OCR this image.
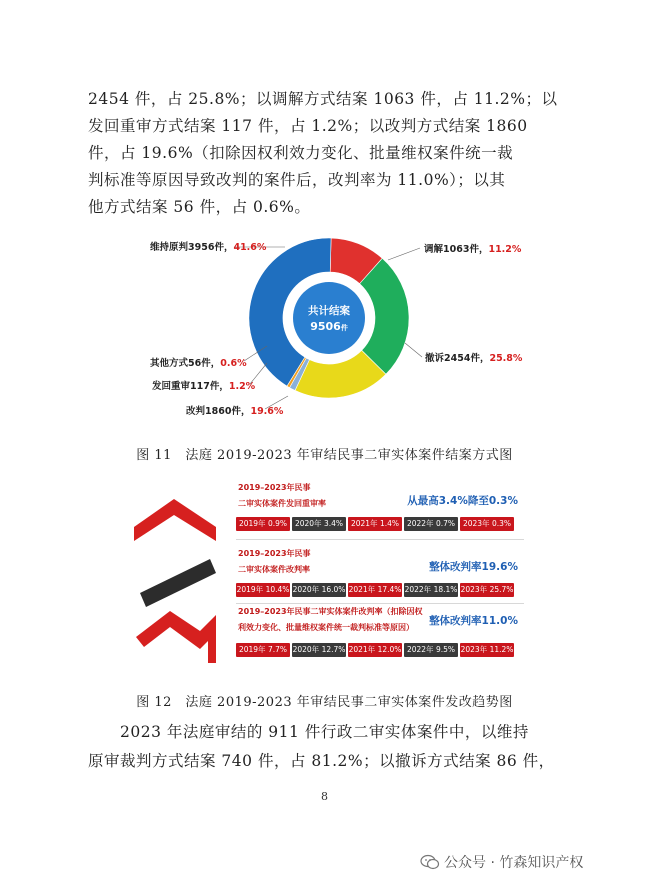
2454 件，占 25.8%；以调解方式结案 1063 件，占 11.2%；以
发回重审方式结案 117 件，占 1.2%；以改判方式结案 1860
件，占 19.6%（扣除因权利效力变化、批量维权案件统一裁
判标准等原因导致改判的案件后，改判率为 11.0%）；以其
他方式结案 56 件，占 0.6%。
共计结案
9506件
维持原判3956件，41.6%	调解1063件，11.2%
撤诉2454件，25.8%
其他方式56件，0.6%
发回重审117件，1.2%
改判1860件，19.6%
图 11　法庭 2019-2023 年审结民事二审实体案件结案方式图
2019–2023年民事
二审实体案件发回重审率	从最高3.4%降至0.3%
2019年 0.9%	2020年 3.4%	2021年 1.4%	2022年 0.7%	2023年 0.3%
2019–2023年民事
二审实体案件改判率	整体改判率19.6%
2019年 10.4% 2020年 16.0% 2021年 17.4% 2022年 18.1% 2023年 25.7%
2019–2023年民事二审实体案件改判率（扣除因权
利效力变化、批量维权案件统一裁判标准等原因）
整体改判率11.0%
2019年 7.7% 2020年 12.7% 2021年 12.0% 2022年 9.5% 2023年 11.2%
图 12　法庭 2019-2023 年审结民事二审实体案件发改趋势图
　　2023 年法庭审结的 911 件行政二审实体案件中，以维持
原审裁判方式结案 740 件，占 81.2%；以撤诉方式结案 86 件，
8
公众号 · 竹森知识产权
